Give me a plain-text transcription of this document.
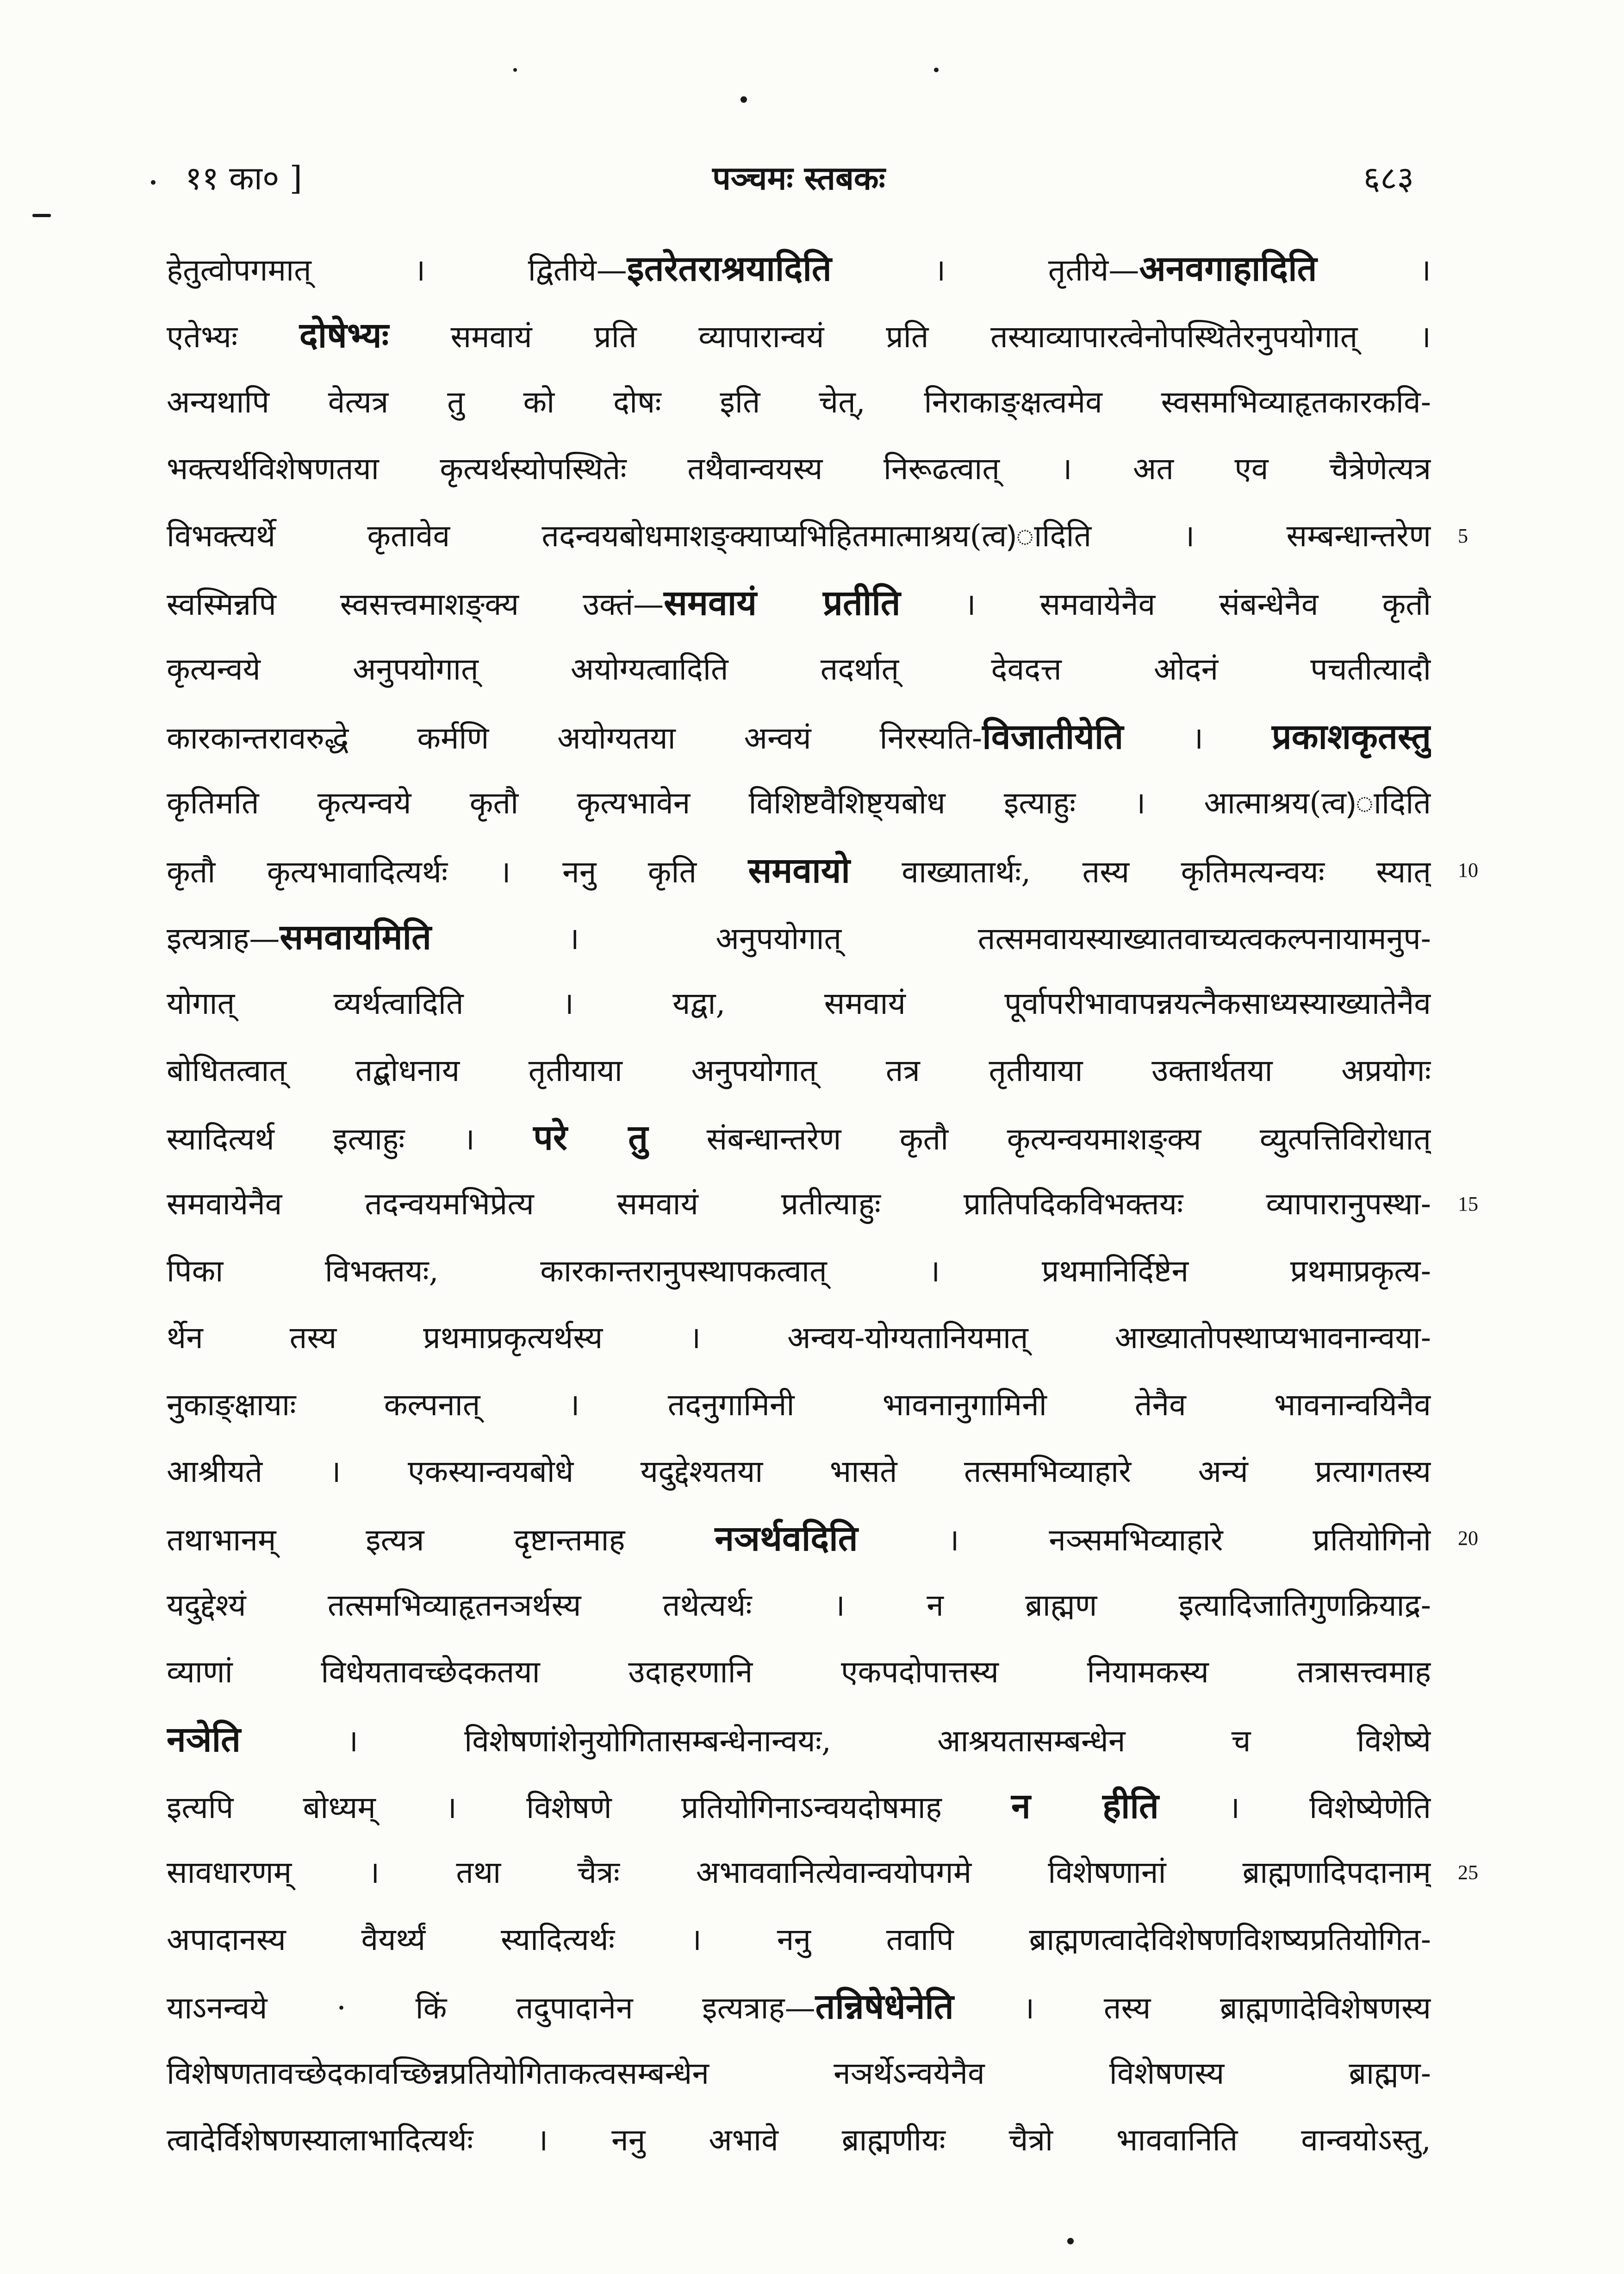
११ का० ]	पञ्चमः स्तबकः	६८३
हेतुत्वोपगमात् । द्वितीये—इतरेतराश्रयादिति । तृतीये—अनवगाहादिति ।
एतेभ्यः दोषेभ्यः समवायं प्रति व्यापारान्वयं प्रति तस्याव्यापारत्वेनोपस्थितेरनुपयोगात् ।
अन्यथापि वेत्यत्र तु को दोषः इति चेत्, निराकाङ्क्षत्वमेव स्वसमभिव्याहृतकारकवि-
भक्त्यर्थविशेषणतया कृत्यर्थस्योपस्थितेः तथैवान्वयस्य निरूढत्वात् । अत एव चैत्रेणेत्यत्र
विभक्त्यर्थे कृतावेव तदन्वयबोधमाशङ्क्याप्यभिहितमात्माश्रय(त्व)ादिति । सम्बन्धान्तरेण 5
स्वस्मिन्नपि स्वसत्त्वमाशङ्क्य उक्तं—समवायं प्रतीति । समवायेनैव संबन्धेनैव कृतौ
कृत्यन्वये अनुपयोगात् अयोग्यत्वादिति तदर्थात् देवदत्त ओदनं पचतीत्यादौ
कारकान्तरावरुद्धे कर्मणि अयोग्यतया अन्वयं निरस्यति-विजातीयेति । प्रकाशकृतस्तु
कृतिमति कृत्यन्वये कृतौ कृत्यभावेन विशिष्टवैशिष्ट्यबोध इत्याहुः । आत्माश्रय(त्व)ादिति
कृतौ कृत्यभावादित्यर्थः । ननु कृति समवायो वाख्यातार्थः, तस्य कृतिमत्यन्वयः स्यात् 10
इत्यत्राह—समवायमिति । अनुपयोगात् तत्समवायस्याख्यातवाच्यत्वकल्पनायामनुप-
योगात् व्यर्थत्वादिति । यद्वा, समवायं पूर्वापरीभावापन्नयत्नैकसाध्यस्याख्यातेनैव
बोधितत्वात् तद्बोधनाय तृतीयाया अनुपयोगात् तत्र तृतीयाया उक्तार्थतया अप्रयोगः
स्यादित्यर्थ इत्याहुः । परे तु संबन्धान्तरेण कृतौ कृत्यन्वयमाशङ्क्य व्युत्पत्तिविरोधात्
समवायेनैव तदन्वयमभिप्रेत्य समवायं प्रतीत्याहुः प्रातिपदिकविभक्तयः व्यापारानुपस्था- 15
पिका विभक्तयः, कारकान्तरानुपस्थापकत्वात् । प्रथमानिर्दिष्टेन प्रथमाप्रकृत्य-
र्थेन तस्य प्रथमाप्रकृत्यर्थस्य । अन्वय-योग्यतानियमात् आख्यातोपस्थाप्यभावनान्वया-
नुकाङ्क्षायाः कल्पनात् । तदनुगामिनी भावनानुगामिनी तेनैव भावनान्वयिनैव
आश्रीयते । एकस्यान्वयबोधे यदुद्देश्यतया भासते तत्समभिव्याहारे अन्यं प्रत्यागतस्य
तथाभानम् इत्यत्र दृष्टान्तमाह नञर्थवदिति । नञ्समभिव्याहारे प्रतियोगिनो 20
यदुद्देश्यं तत्समभिव्याहृतनञर्थस्य तथेत्यर्थः । न ब्राह्मण इत्यादिजातिगुणक्रियाद्र-
व्याणां विधेयतावच्छेदकतया उदाहरणानि एकपदोपात्तस्य नियामकस्य तत्रासत्त्वमाह
नञेति । विशेषणांशेनुयोगितासम्बन्धेनान्वयः, आश्रयतासम्बन्धेन च विशेष्ये
इत्यपि बोध्यम् । विशेषणे प्रतियोगिनाऽन्वयदोषमाह न हीति । विशेष्येणेति
सावधारणम् । तथा चैत्रः अभाववानित्येवान्वयोपगमे विशेषणानां ब्राह्मणादिपदानाम् 25
अपादानस्य वैयर्थ्यं स्यादित्यर्थः । ननु तवापि ब्राह्मणत्वादेविशेषणविशष्यप्रतियोगित-
याऽनन्वये · किं तदुपादानेन इत्यत्राह—तन्निषेधेनेति । तस्य ब्राह्मणादेविशेषणस्य
विशेषणतावच्छेदकावच्छिन्नप्रतियोगिताकत्वसम्बन्धेन नञर्थेऽन्वयेनैव विशेषणस्य ब्राह्मण-
त्वादेर्विशेषणस्यालाभादित्यर्थः । ननु अभावे ब्राह्मणीयः चैत्रो भाववानिति वान्वयोऽस्तु,
